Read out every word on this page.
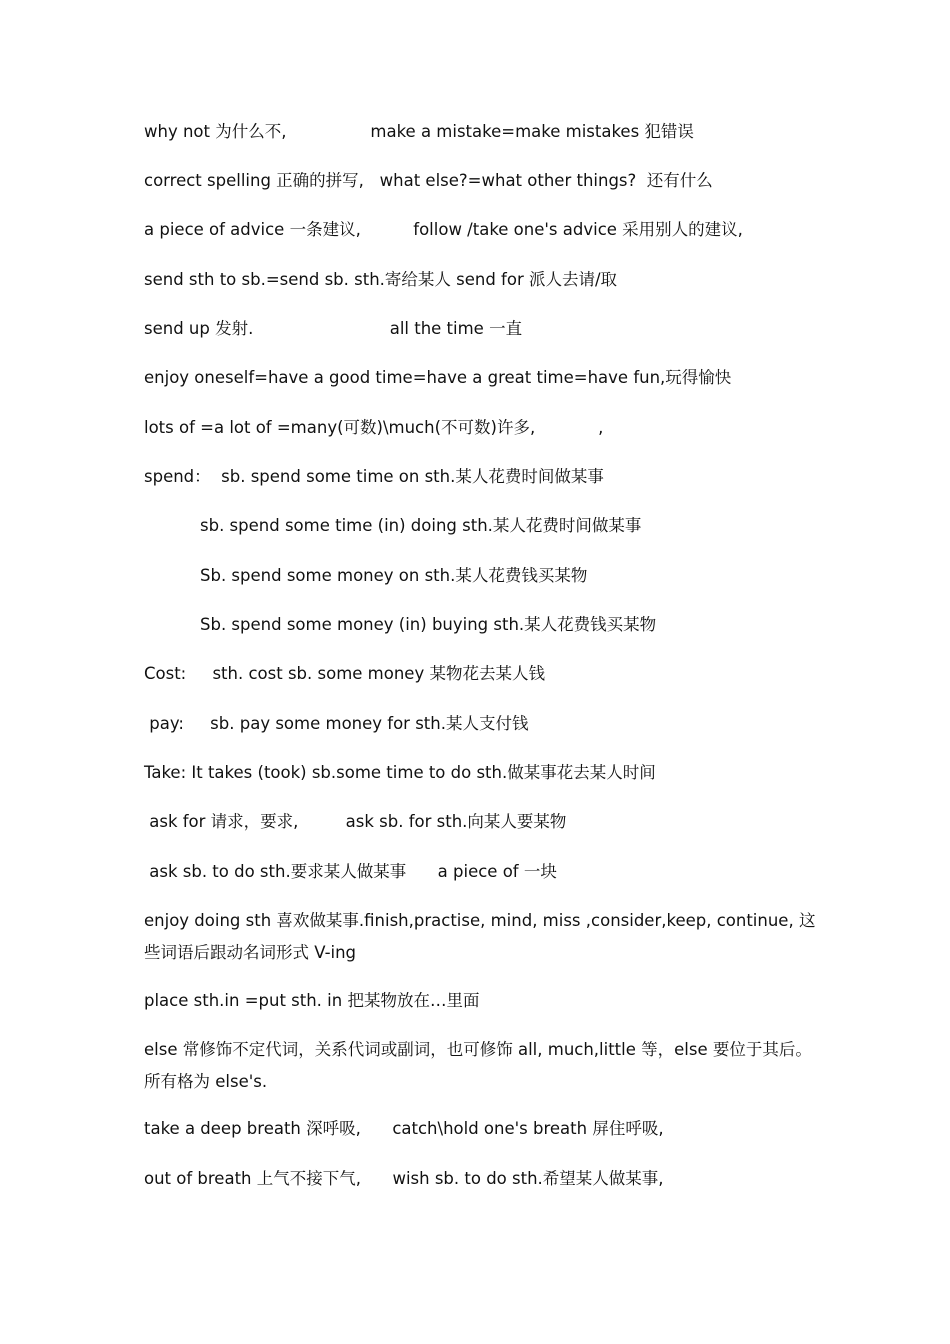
why not 为什么不,                make a mistake=make mistakes 犯错误
correct spelling 正确的拼写,   what else?=what other things?  还有什么
a piece of advice 一条建议,          follow /take one's advice 采用别人的建议,
send sth to sb.=send sb. sth.寄给某人 send for 派人去请/取
send up 发射.                          all the time 一直
enjoy oneself=have a good time=have a great time=have fun,玩得愉快
lots of =a lot of =many(可数)\much(不可数)许多,            ,
spend：  sb. spend some time on sth.某人花费时间做某事
sb. spend some time (in) doing sth.某人花费时间做某事
Sb. spend some money on sth.某人花费钱买某物
Sb. spend some money (in) buying sth.某人花费钱买某物
Cost:     sth. cost sb. some money 某物花去某人钱
pay:     sb. pay some money for sth.某人支付钱
Take: It takes (took) sb.some time to do sth.做某事花去某人时间
ask for 请求，要求,         ask sb. for sth.向某人要某物
ask sb. to do sth.要求某人做某事      a piece of 一块
enjoy doing sth 喜欢做某事.finish,practise, mind, miss ,consider,keep, continue, 这些词语后跟动名词形式 V-ing
place sth.in =put sth. in 把某物放在…里面
else 常修饰不定代词，关系代词或副词，也可修饰 all, much,little 等，else 要位于其后。所有格为 else's.
take a deep breath 深呼吸,      catch\hold one's breath 屏住呼吸,
out of breath 上气不接下气,      wish sb. to do sth.希望某人做某事,
